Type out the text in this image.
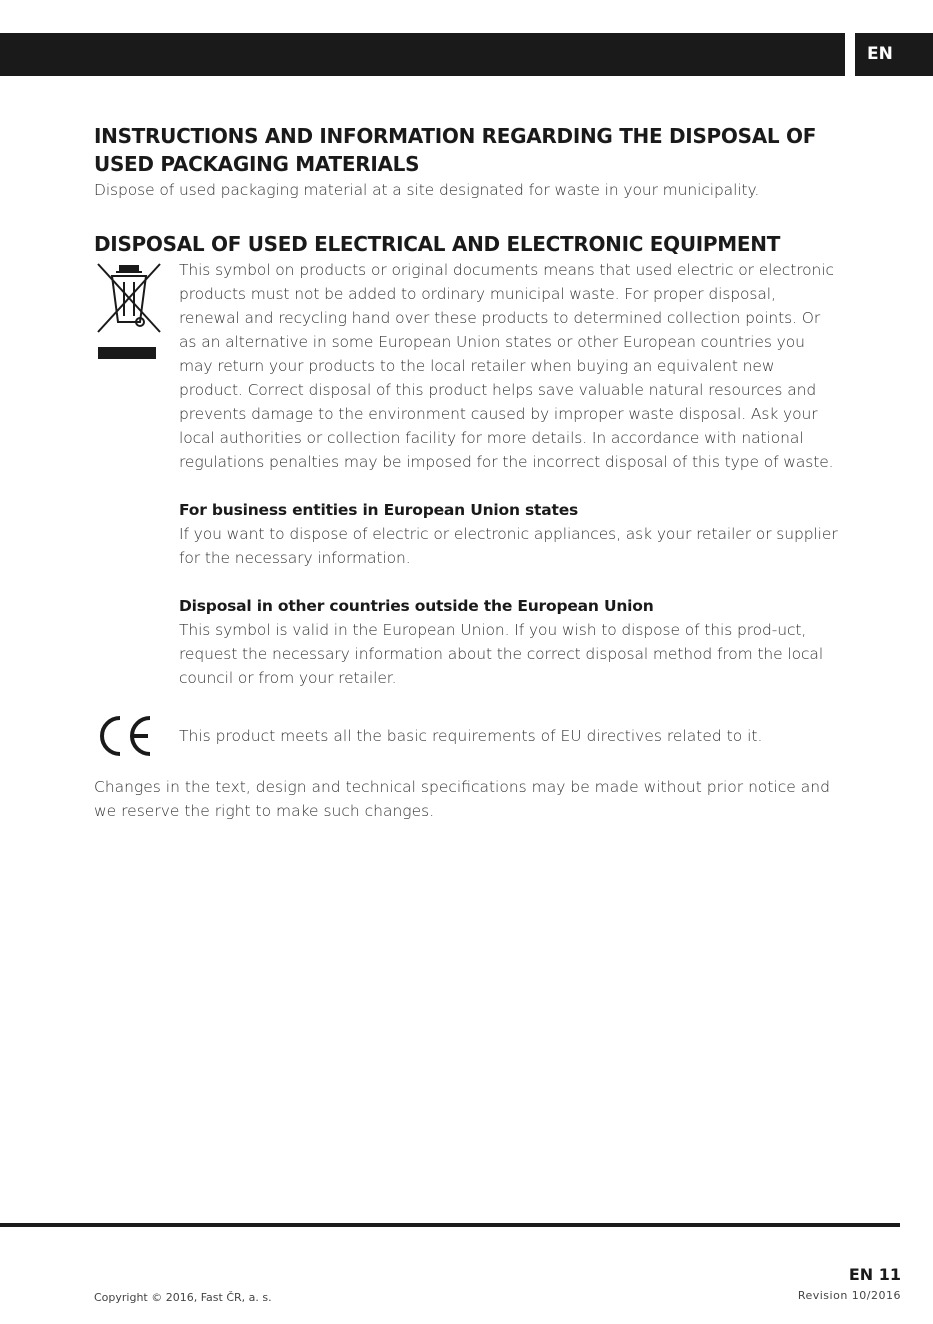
EN
INSTRUCTIONS AND INFORMATION REGARDING THE DISPOSAL OF USED PACKAGING MATERIALS

Dispose of used packaging material at a site designated for waste in your municipality.

DISPOSAL OF USED ELECTRICAL AND ELECTRONIC EQUIPMENT

This symbol on products or original documents means that used electric or electronic products must not be added to ordinary municipal waste. For proper disposal, renewal and recycling hand over these products to determined collection points. Or as an alternative in some European Union states or other European countries you may return your products to the local retailer when buying an equivalent new product. Correct disposal of this product helps save valuable natural resources and prevents damage to the environment caused by improper waste disposal. Ask your local authorities or collection facility for more details. In accordance with national regulations penalties may be imposed for the incorrect disposal of this type of waste.

For business entities in European Union states

If you want to dispose of electric or electronic appliances, ask your retailer or supplier for the necessary information.

Disposal in other countries outside the European Union

This symbol is valid in the European Union. If you wish to dispose of this prod-uct, request the necessary information about the correct disposal method from the local council or from your retailer.

This product meets all the basic requirements of EU directives related to it.

Changes in the text, design and technical specifications may be made without prior notice and we reserve the right to make such changes.

EN 11
Copyright © 2016, Fast ČR, a. s.	Revision 10/2016
